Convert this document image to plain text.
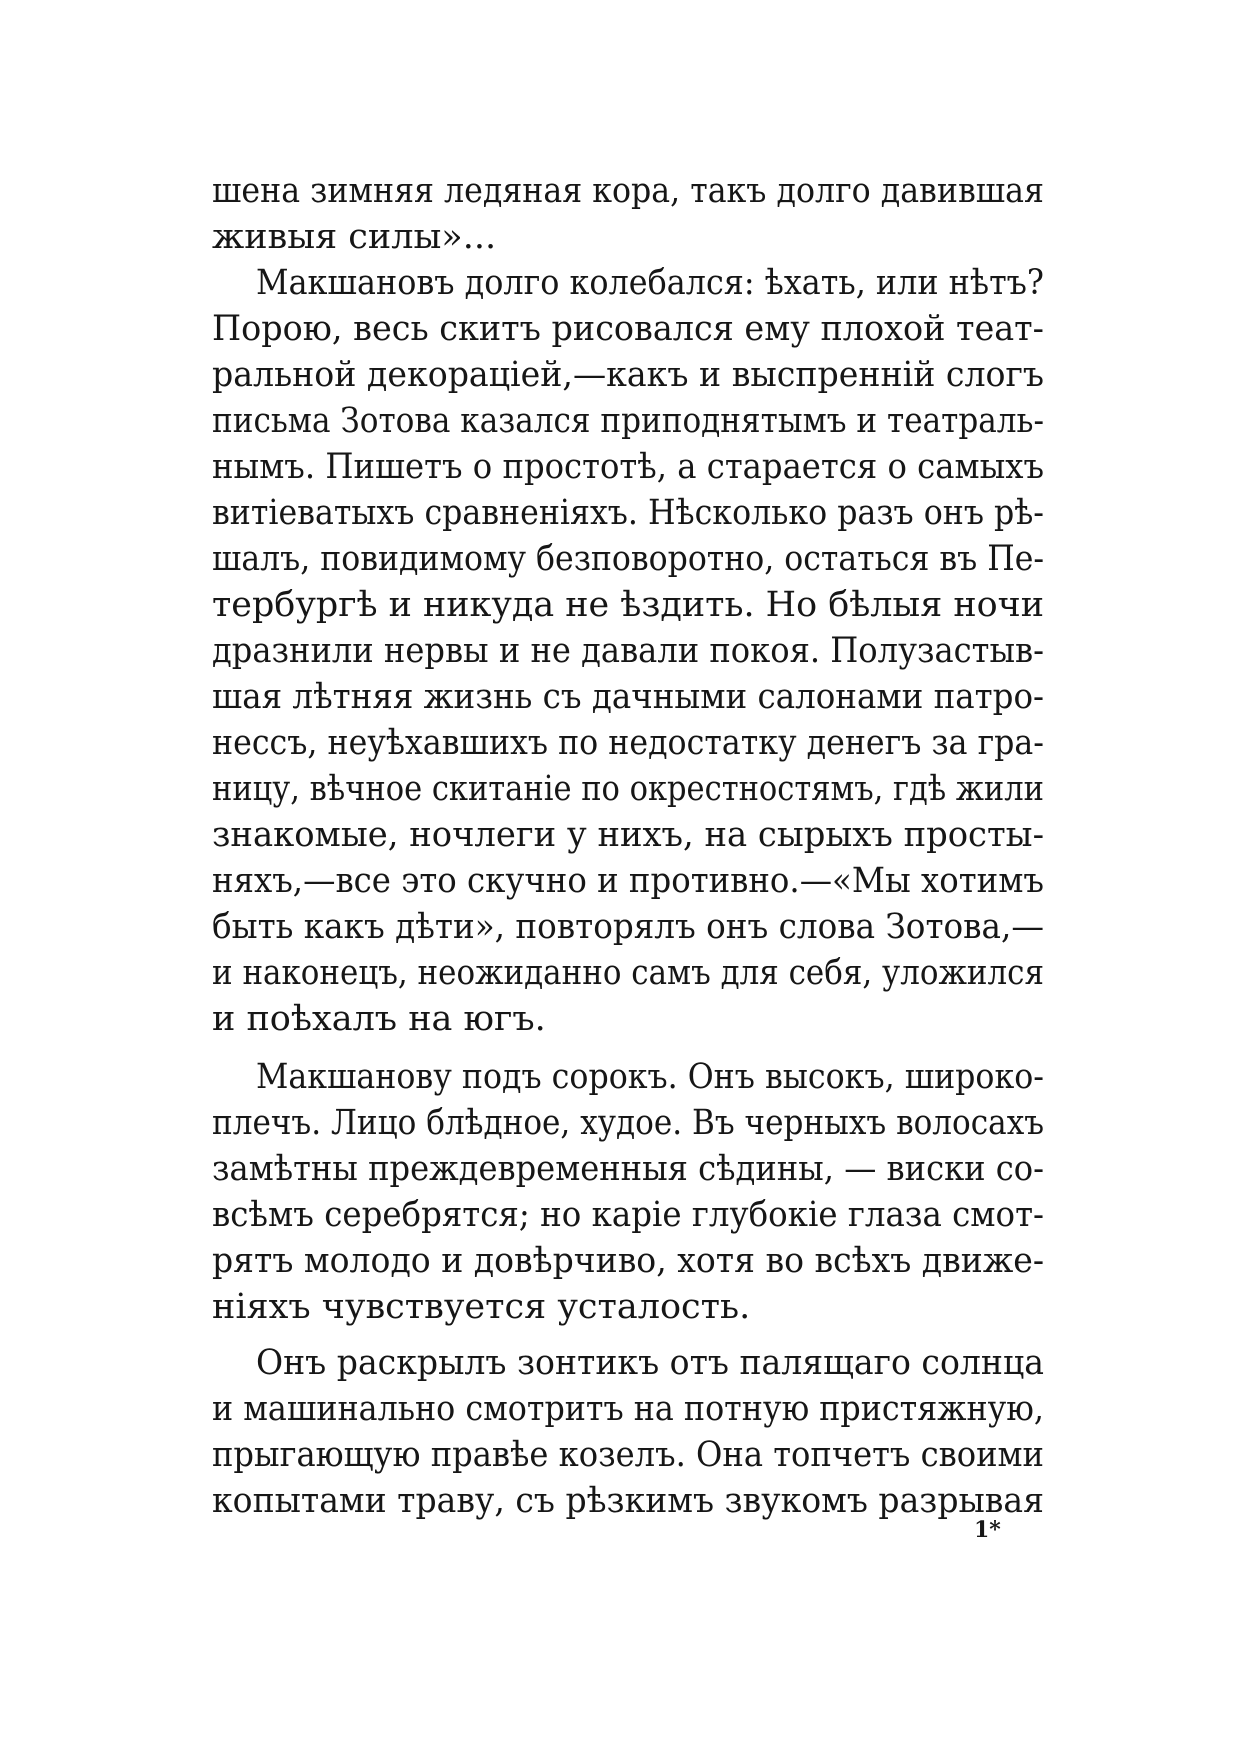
шена зимняя ледяная кора, такъ долго давившая
живыя силы»...
Макшановъ долго колебался: ѣхать, или нѣтъ?
Порою, весь скитъ рисовался ему плохой теат-
ральной декораціей,—какъ и выспренній слогъ
письма Зотова казался приподнятымъ и театраль-
нымъ. Пишетъ о простотѣ, а старается о самыхъ
витіеватыхъ сравненіяхъ. Нѣсколько разъ онъ рѣ-
шалъ, повидимому безповоротно, остаться въ Пе-
тербургѣ и никуда не ѣздить. Но бѣлыя ночи
дразнили нервы и не давали покоя. Полузастыв-
шая лѣтняя жизнь съ дачными салонами патро-
нессъ, неуѣхавшихъ по недостатку денегъ за гра-
ницу, вѣчное скитаніе по окрестностямъ, гдѣ жили
знакомые, ночлеги у нихъ, на сырыхъ просты-
няхъ,—все это скучно и противно.—«Мы хотимъ
быть какъ дѣти», повторялъ онъ слова Зотова,—
и наконецъ, неожиданно самъ для себя, уложился
и поѣхалъ на югъ.
Макшанову подъ сорокъ. Онъ высокъ, широко-
плечъ. Лицо блѣдное, худое. Въ черныхъ волосахъ
замѣтны преждевременныя сѣдины, — виски со-
всѣмъ серебрятся; но каріе глубокіе глаза смот-
рятъ молодо и довѣрчиво, хотя во всѣхъ движе-
ніяхъ чувствуется усталость.
Онъ раскрылъ зонтикъ отъ палящаго солнца
и машинально смотритъ на потную пристяжную,
прыгающую правѣе козелъ. Она топчетъ своими
копытами траву, съ рѣзкимъ звукомъ разрывая
1*
